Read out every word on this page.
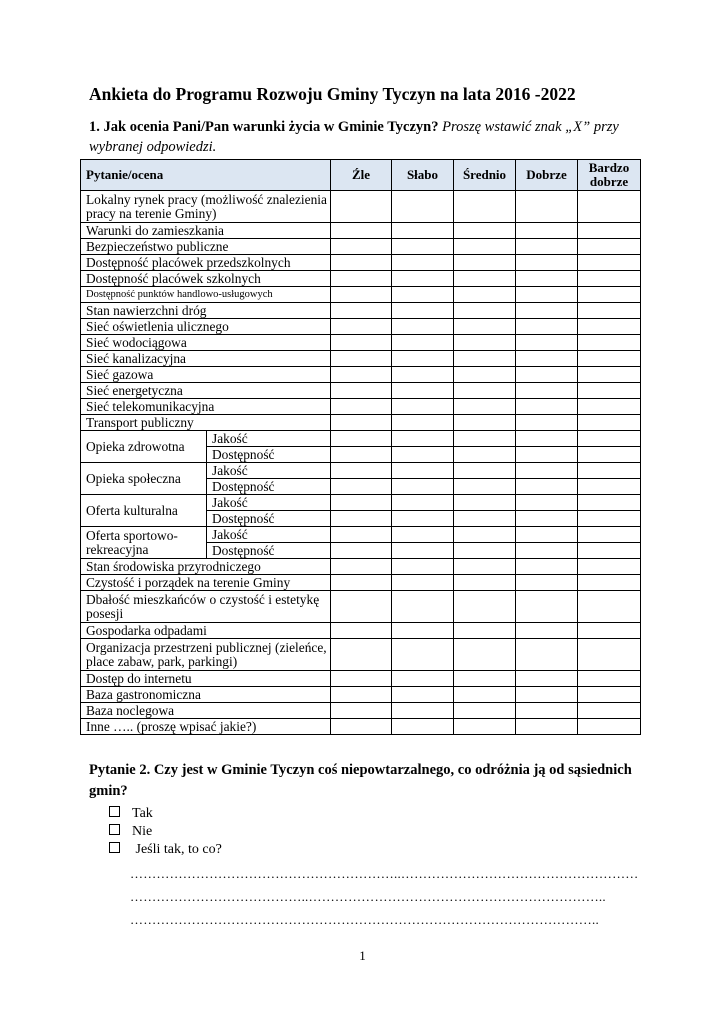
Ankieta do Programu Rozwoju Gminy Tyczyn na lata 2016 -2022
1. Jak ocenia Pani/Pan warunki życia w Gminie Tyczyn? Proszę wstawić znak „X” przy wybranej odpowiedzi.
Pytanie/ocena		Źle	Słabo	Średnio	Dobrze	Bardzo dobrze
Lokalny rynek pracy (możliwość znalezienia pracy na terenie Gminy)						
Warunki do zamieszkania						
Bezpieczeństwo publiczne						
Dostępność placówek przedszkolnych						
Dostępność placówek szkolnych						
Dostępność punktów handlowo-usługowych						
Stan nawierzchni dróg						
Sieć oświetlenia ulicznego						
Sieć wodociągowa						
Sieć kanalizacyjna						
Sieć gazowa						
Sieć energetyczna						
Sieć telekomunikacyjna						
Transport publiczny						
Opieka zdrowotna	Jakość					
	Dostępność					
Opieka społeczna	Jakość					
	Dostępność					
Oferta kulturalna	Jakość					
	Dostępność					
Oferta sportowo-rekreacyjna	Jakość					
	Dostępność					
Stan środowiska przyrodniczego						
Czystość i porządek na terenie Gminy						
Dbałość mieszkańców o czystość i estetykę posesji						
Gospodarka odpadami						
Organizacja przestrzeni publicznej (zieleńce, place zabaw, park, parkingi)						
Dostęp do internetu						
Baza gastronomiczna						
Baza noclegowa						
Inne ….. (proszę wpisać jakie?)						
Pytanie 2. Czy jest w Gminie Tyczyn coś niepowtarzalnego, co odróżnia ją od sąsiednich gmin?
Tak
Nie
Jeśli tak, to co?
……………………………………………………..………………………………………………
…………………………………..…………………………………………………………..
……………………………………………………………………………………………..
1
